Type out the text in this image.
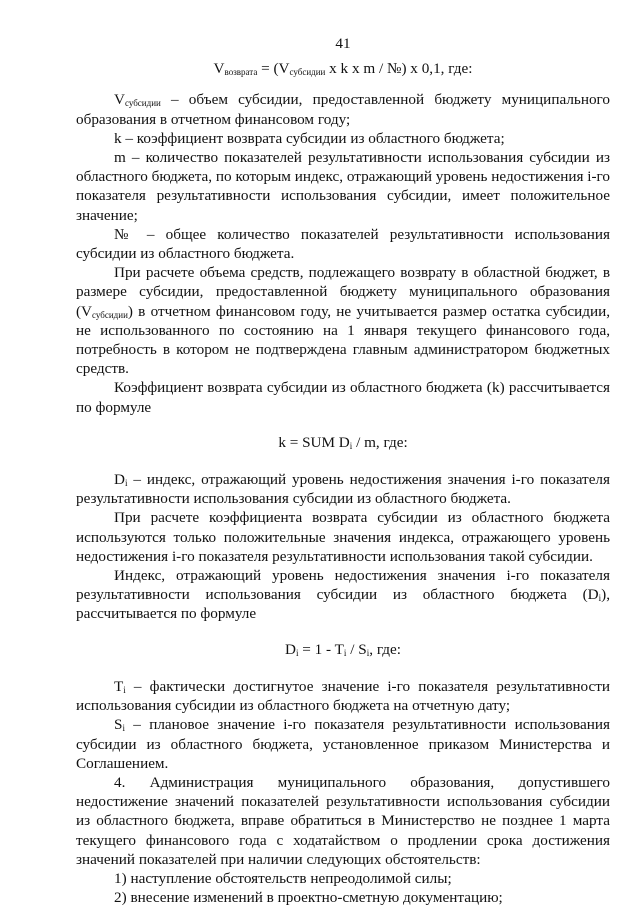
41
$V_{возврата} = (V_{субсидии}$ x k x m / №) x 0,1, где:

$V_{субсидии}$ – объем субсидии, предоставленной бюджету муниципального образования в отчетном финансовом году;

k – коэффициент возврата субсидии из областного бюджета;

m – количество показателей результативности использования субсидии из областного бюджета, по которым индекс, отражающий уровень недостижения i-го показателя результативности использования субсидии, имеет положительное значение;

№ – общее количество показателей результативности использования субсидии из областного бюджета.

При расчете объема средств, подлежащего возврату в областной бюджет, в размере субсидии, предоставленной бюджету муниципального образования $(V_{субсидии})$ в отчетном финансовом году, не учитывается размер остатка субсидии, не использованного по состоянию на 1 января текущего финансового года, потребность в котором не подтверждена главным администратором бюджетных средств.

Коэффициент возврата субсидии из областного бюджета (k) рассчитывается по формуле

k = SUM $D_i$ / m, где:

$D_i$ – индекс, отражающий уровень недостижения значения i-го показателя результативности использования субсидии из областного бюджета.

При расчете коэффициента возврата субсидии из областного бюджета используются только положительные значения индекса, отражающего уровень недостижения i-го показателя результативности использования такой субсидии.

Индекс, отражающий уровень недостижения значения i-го показателя результативности использования субсидии из областного бюджета $(D_i)$, рассчитывается по формуле

$D_i = 1 - T_i / S_i$, где:

$T_i$ – фактически достигнутое значение i-го показателя результативности использования субсидии из областного бюджета на отчетную дату;

$S_i$ – плановое значение i-го показателя результативности использования субсидии из областного бюджета, установленное приказом Министерства и Соглашением.

4. Администрация муниципального образования, допустившего недостижение значений показателей результативности использования субсидии из областного бюджета, вправе обратиться в Министерство не позднее 1 марта текущего финансового года с ходатайством о продлении срока достижения значений показателей при наличии следующих обстоятельств:

1) наступление обстоятельств непреодолимой силы;

2) внесение изменений в проектно-сметную документацию;
